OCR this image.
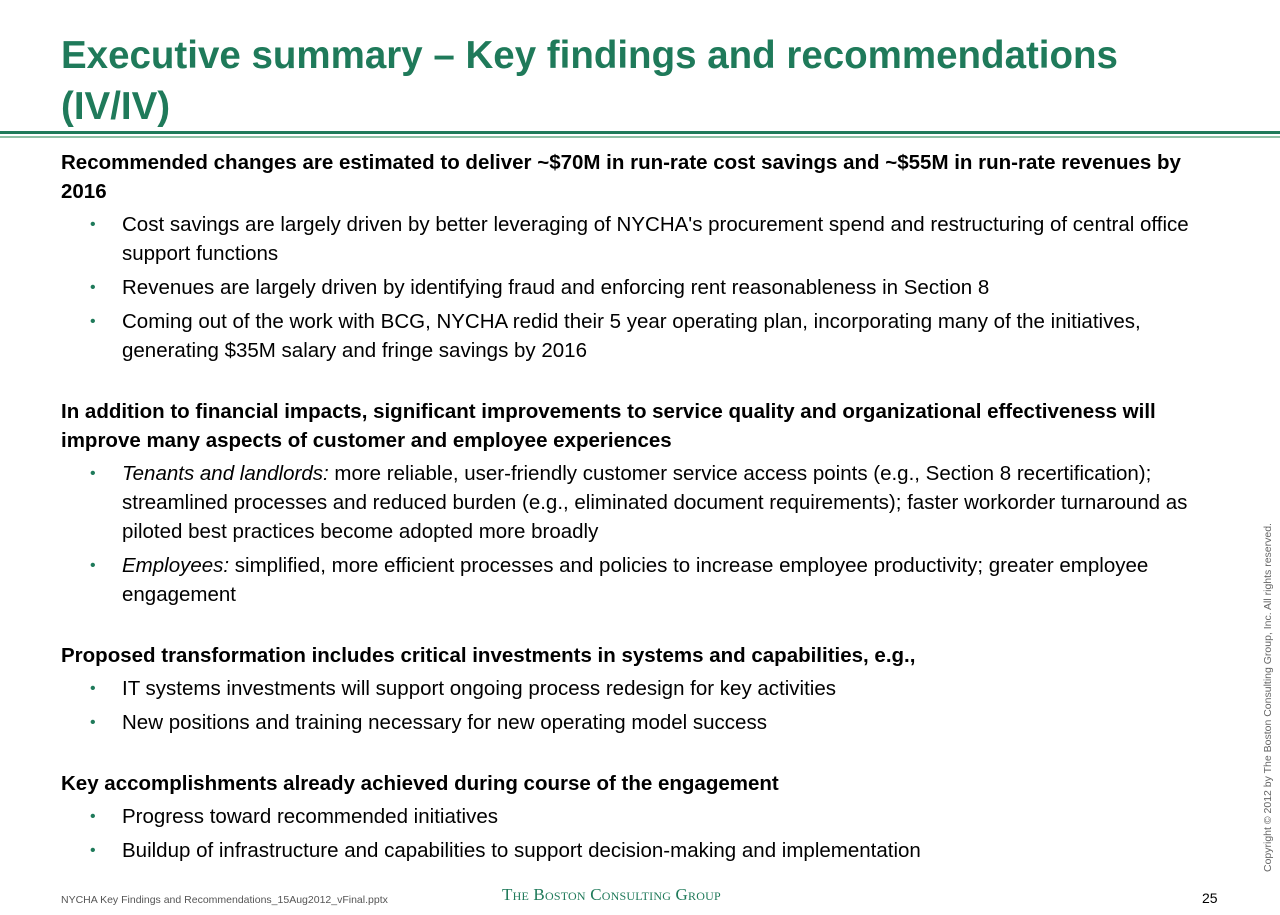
Executive summary – Key findings and recommendations (IV/IV)

Recommended changes are estimated to deliver ~$70M in run-rate cost savings and ~$55M in run-rate revenues by 2016

• Cost savings are largely driven by better leveraging of NYCHA's procurement spend and restructuring of central office support functions
• Revenues are largely driven by identifying fraud and enforcing rent reasonableness in Section 8
• Coming out of the work with BCG, NYCHA redid their 5 year operating plan, incorporating many of the initiatives, generating $35M salary and fringe savings by 2016

In addition to financial impacts, significant improvements to service quality and organizational effectiveness will improve many aspects of customer and employee experiences

• Tenants and landlords: more reliable, user-friendly customer service access points (e.g., Section 8 recertification); streamlined processes and reduced burden (e.g., eliminated document requirements); faster workorder turnaround as piloted best practices become adopted more broadly
• Employees: simplified, more efficient processes and policies to increase employee productivity; greater employee engagement

Proposed transformation includes critical investments in systems and capabilities, e.g.,

• IT systems investments will support ongoing process redesign for key activities
• New positions and training necessary for new operating model success

Key accomplishments already achieved during course of the engagement

• Progress toward recommended initiatives
• Buildup of infrastructure and capabilities to support decision-making and implementation
NYCHA Key Findings and Recommendations_15Aug2012_vFinal.pptx	The Boston Consulting Group	25
Copyright © 2012 by The Boston Consulting Group, Inc. All rights reserved.
